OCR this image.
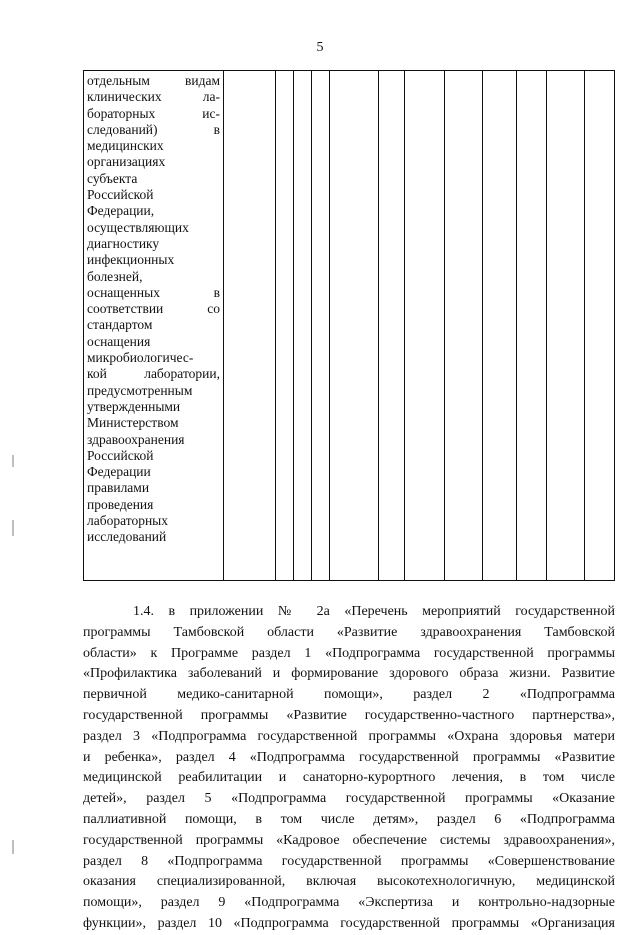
5
отдельным видам
клинических ла-
бораторных ис-
следований) в
медицинских
организациях
субъекта
Российской
Федерации,
осуществляющих
диагностику
инфекционных
болезней,
оснащенных в
соответствии со
стандартом
оснащения
микробиологичес-
кой лаборатории,
предусмотренным
утвержденными
Министерством
здравоохранения
Российской
Федерации
правилами
проведения
лабораторных
исследований

1.4. в приложении № 2а «Перечень мероприятий государственной
программы Тамбовской области «Развитие здравоохранения Тамбовской
области» к Программе раздел 1 «Подпрограмма государственной программы
«Профилактика заболеваний и формирование здорового образа жизни. Развитие
первичной медико-санитарной помощи», раздел 2 «Подпрограмма
государственной программы «Развитие государственно-частного партнерства»,
раздел 3 «Подпрограмма государственной программы «Охрана здоровья матери
и ребенка», раздел 4 «Подпрограмма государственной программы «Развитие
медицинской реабилитации и санаторно-курортного лечения, в том числе
детей», раздел 5 «Подпрограмма государственной программы «Оказание
паллиативной помощи, в том числе детям», раздел 6 «Подпрограмма
государственной программы «Кадровое обеспечение системы здравоохранения»,
раздел 8 «Подпрограмма государственной программы «Совершенствование
оказания специализированной, включая высокотехнологичную, медицинской
помощи», раздел 9 «Подпрограмма «Экспертиза и контрольно-надзорные
функции», раздел 10 «Подпрограмма государственной программы «Организация
